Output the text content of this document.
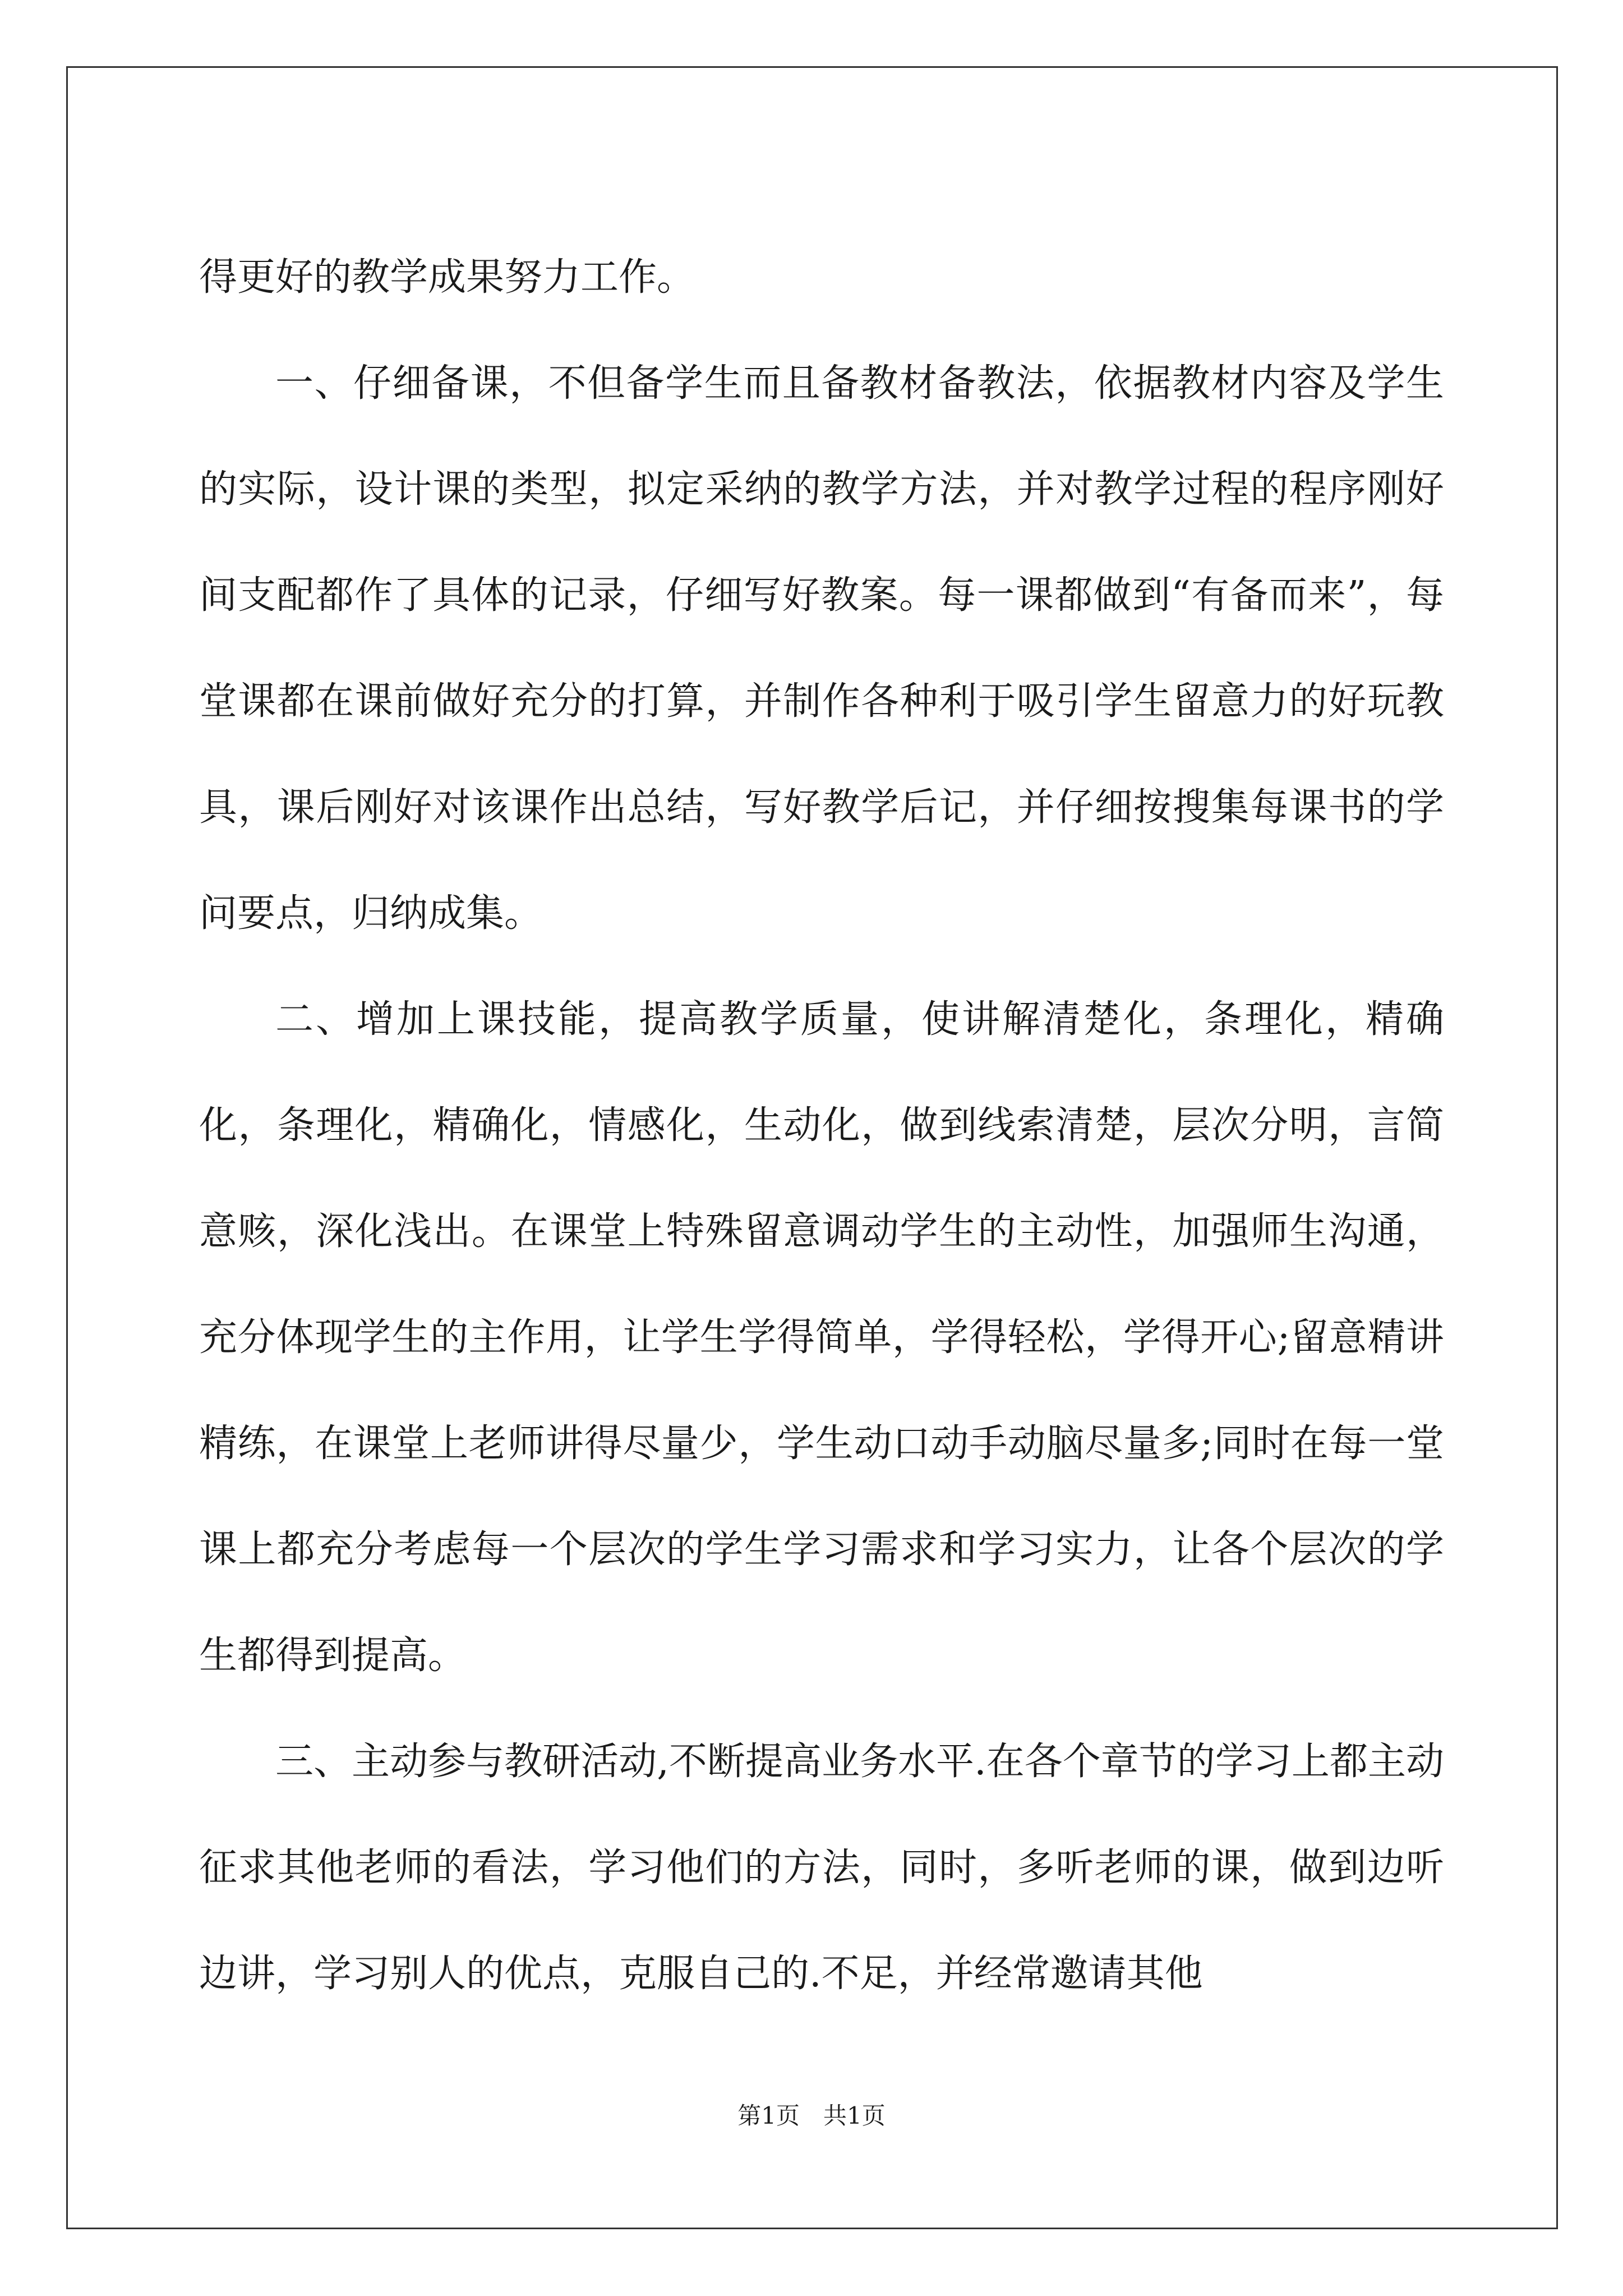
得更好的教学成果努力工作。

一、仔细备课，不但备学生而且备教材备教法，依据教材内容及学生的实际，设计课的类型，拟定采纳的教学方法，并对教学过程的程序刚好间支配都作了具体的记录，仔细写好教案。每一课都做到“有备而来”，每堂课都在课前做好充分的打算，并制作各种利于吸引学生留意力的好玩教具，课后刚好对该课作出总结，写好教学后记，并仔细按搜集每课书的学问要点，归纳成集。

二、增加上课技能，提高教学质量，使讲解清楚化，条理化，精确化，条理化，精确化，情感化，生动化，做到线索清楚，层次分明，言简意赅，深化浅出。在课堂上特殊留意调动学生的主动性，加强师生沟通，充分体现学生的主作用，让学生学得简单，学得轻松，学得开心;留意精讲精练，在课堂上老师讲得尽量少，学生动口动手动脑尽量多;同时在每一堂课上都充分考虑每一个层次的学生学习需求和学习实力，让各个层次的学生都得到提高。

三、主动参与教研活动,不断提高业务水平.在各个章节的学习上都主动征求其他老师的看法，学习他们的方法，同时，多听老师的课，做到边听边讲，学习别人的优点，克服自己的.不足，并经常邀请其他

第1页　共1页
